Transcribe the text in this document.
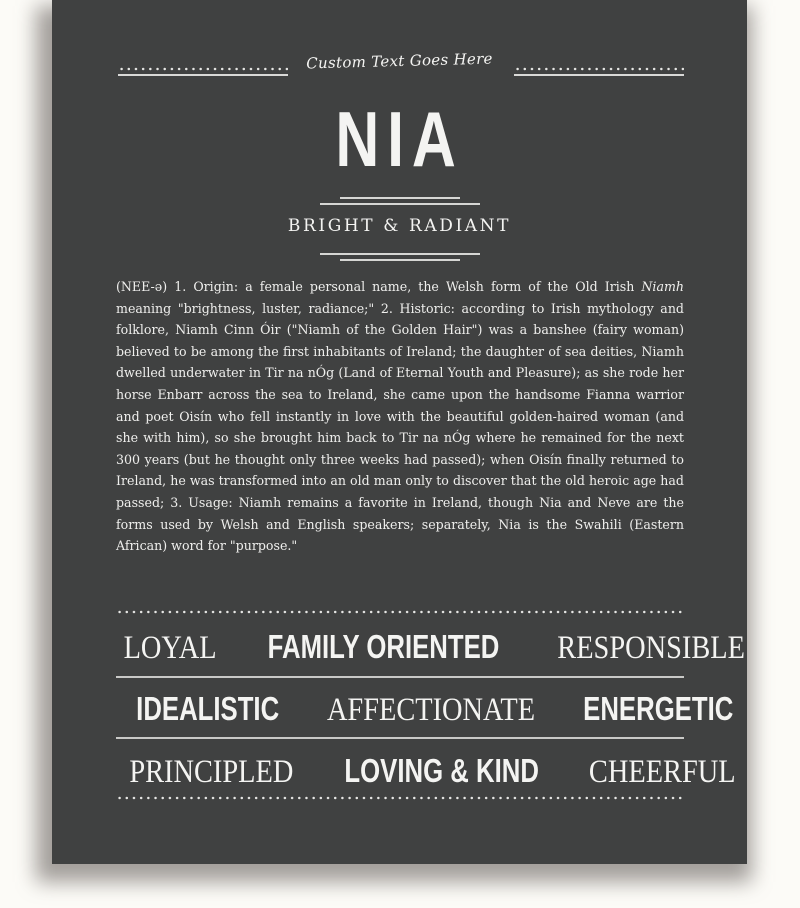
Custom Text Goes Here
NIA
BRIGHT & RADIANT
(NEE-ə) 1. Origin: a female personal name, the Welsh form of the Old Irish Niamh meaning "brightness, luster, radiance;" 2. Historic: according to Irish mythology and folklore, Niamh Cinn Óir ("Niamh of the Golden Hair") was a banshee (fairy woman) believed to be among the first inhabitants of Ireland; the daughter of sea deities, Niamh dwelled underwater in Tir na nÓg (Land of Eternal Youth and Pleasure); as she rode her horse Enbarr across the sea to Ireland, she came upon the handsome Fianna warrior and poet Oisín who fell instantly in love with the beautiful golden-haired woman (and she with him), so she brought him back to Tir na nÓg where he remained for the next 300 years (but he thought only three weeks had passed); when Oisín finally returned to Ireland, he was transformed into an old man only to discover that the old heroic age had passed; 3. Usage: Niamh remains a favorite in Ireland, though Nia and Neve are the forms used by Welsh and English speakers; separately, Nia is the Swahili (Eastern African) word for "purpose."
LOYAL FAMILY ORIENTED RESPONSIBLE
IDEALISTIC AFFECTIONATE ENERGETIC
PRINCIPLED LOVING & KIND CHEERFUL
